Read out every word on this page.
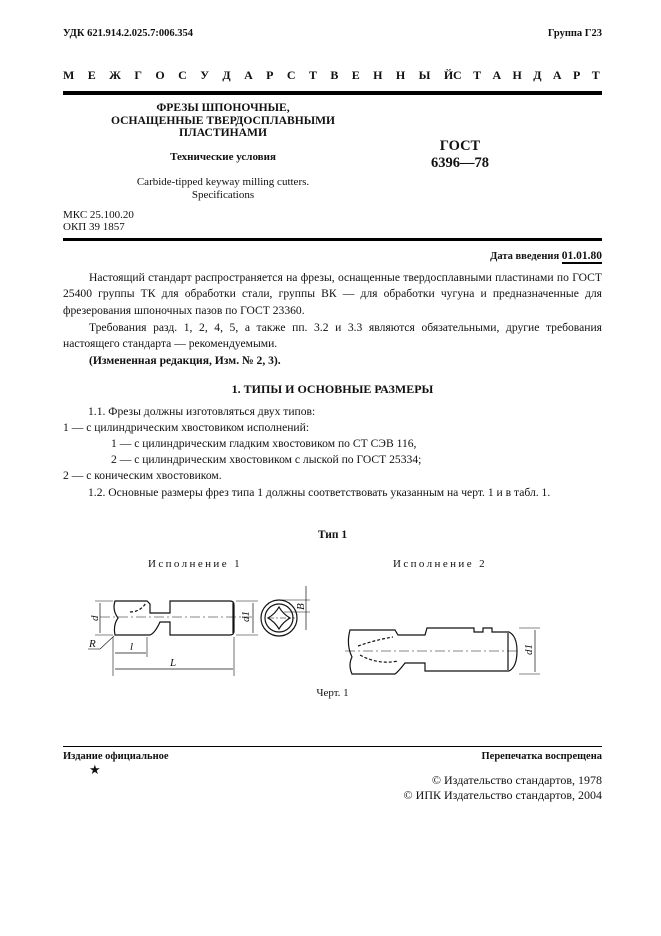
УДК 621.914.2.025.7:006.354	Группа Г23
М Е Ж Г О С У Д А Р С Т В Е Н Н Ы Й
С Т А Н Д А Р Т
ФРЕЗЫ ШПОНОЧНЫЕ,
ОСНАЩЕННЫЕ ТВЕРДОСПЛАВНЫМИ
ПЛАСТИНАМИ
Технические условия
Carbide-tipped keyway milling cutters.
Specifications
ГОСТ
6396—78
МКС 25.100.20
ОКП 39 1857
Дата введения 01.01.80
Настоящий стандарт распространяется на фрезы, оснащенные твердосплавными пластинами по ГОСТ 25400 группы ТК для обработки стали, группы ВК — для обработки чугуна и предназначенные для фрезерования шпоночных пазов по ГОСТ 23360.
Требования разд. 1, 2, 4, 5, а также пп. 3.2 и 3.3 являются обязательными, другие требования настоящего стандарта — рекомендуемыми.
(Измененная редакция, Изм. № 2, 3).
1. ТИПЫ И ОСНОВНЫЕ РАЗМЕРЫ
1.1. Фрезы должны изготовляться двух типов:
1 — с цилиндрическим хвостовиком исполнений:
1 — с цилиндрическим гладким хвостовиком по СТ СЭВ 116,
2 — с цилиндрическим хвостовиком с лыской по ГОСТ 25334;
2 — с коническим хвостовиком.
1.2. Основные размеры фрез типа 1 должны соответствовать указанным на черт. 1 и в табл. 1.
Тип 1
Исполнение 1	Исполнение 2
d	d1
R	l
L
B
d1
Черт. 1
Издание официальное	Перепечатка воспрещена
★
© Издательство стандартов, 1978
© ИПК Издательство стандартов, 2004
